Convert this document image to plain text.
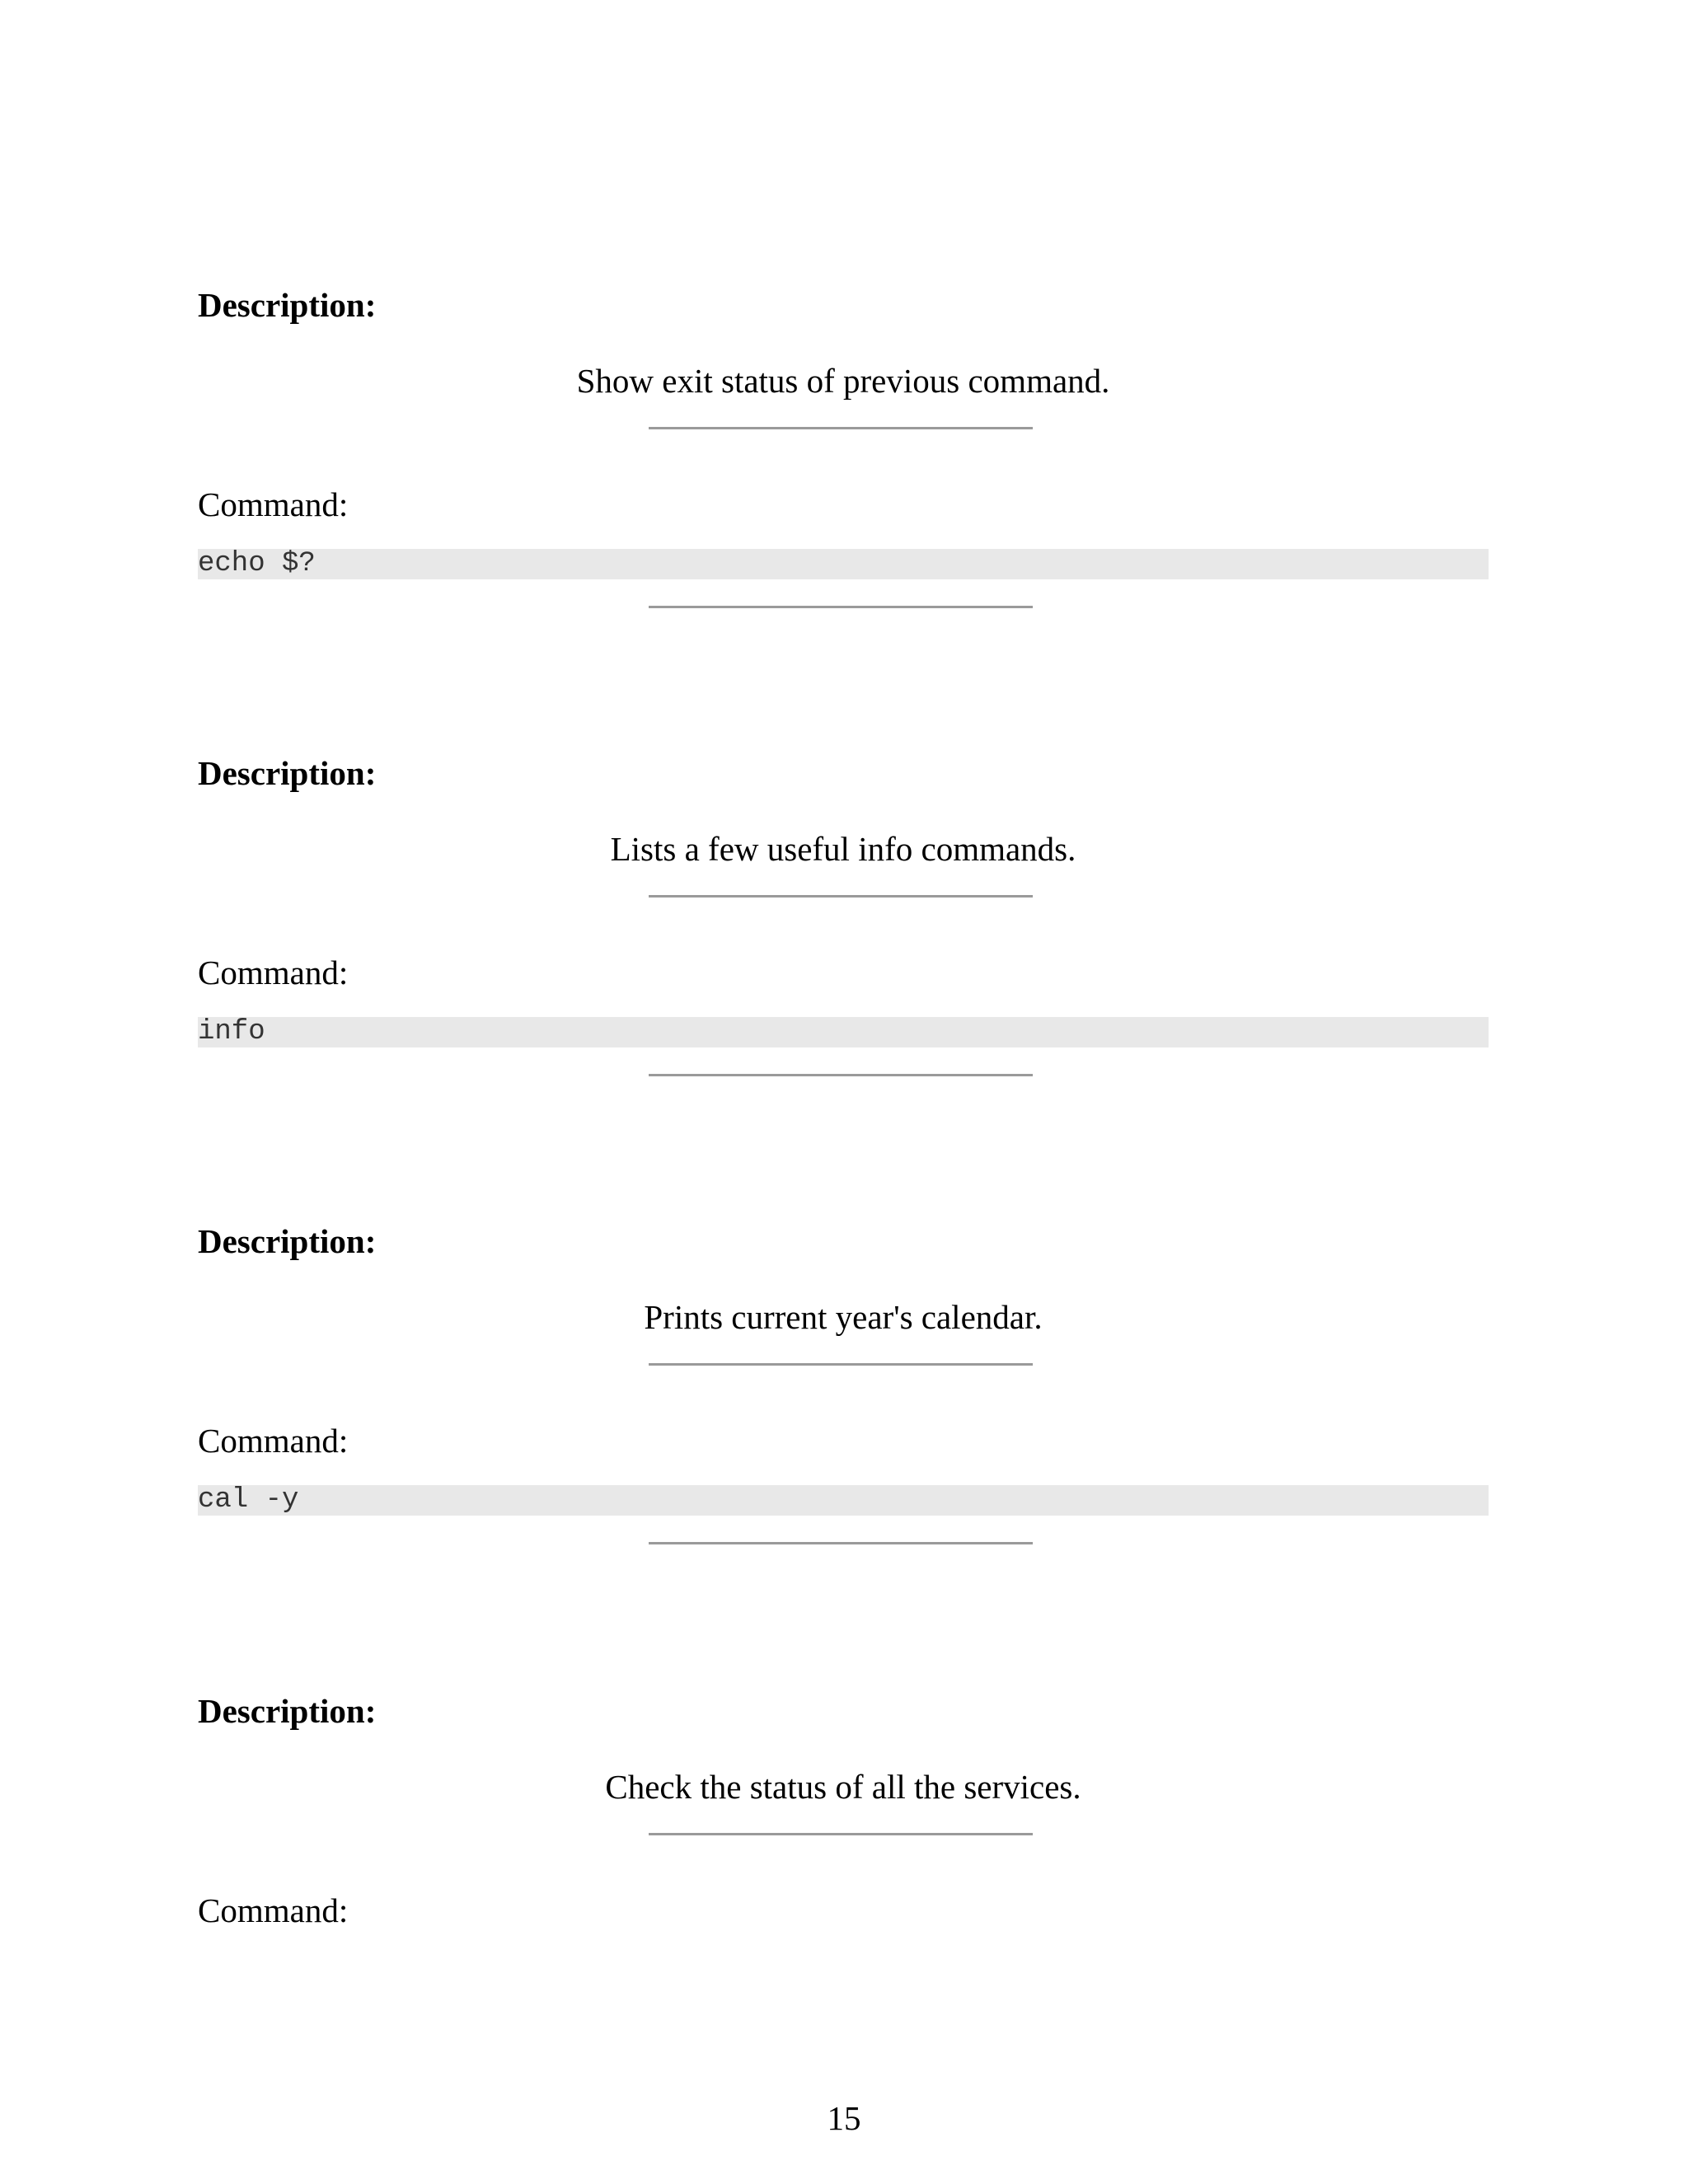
Description:
Show exit status of previous command.
Command:
echo $?
Description:
Lists a few useful info commands.
Command:
info
Description:
Prints current year's calendar.
Command:
cal -y
Description:
Check the status of all the services.
Command:
15
